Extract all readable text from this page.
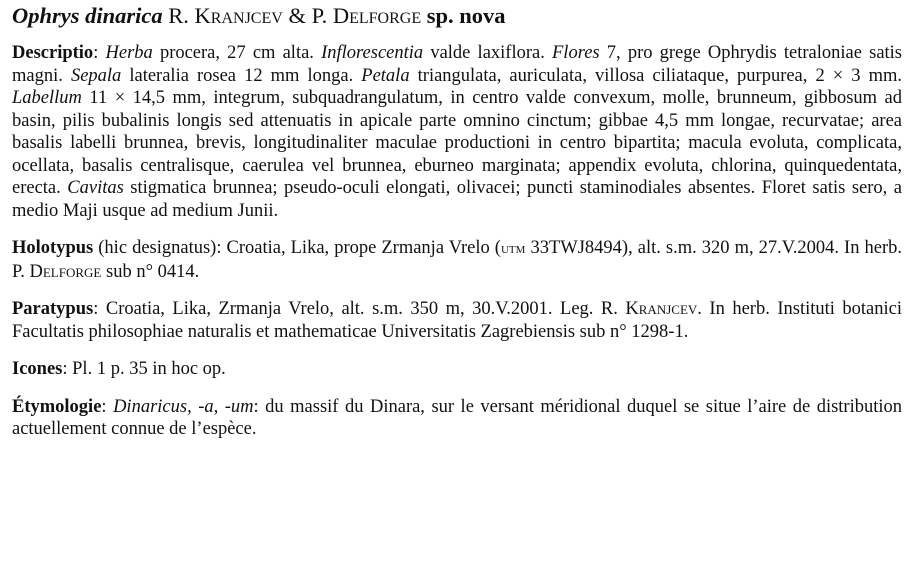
Ophrys dinarica R. Kranjcev & P. Delforge sp. nova

Descriptio: Herba procera, 27 cm alta. Inflorescentia valde laxiflora. Flores 7, pro grege Ophrydis tetraloniae satis magni. Sepala lateralia rosea 12 mm longa. Petala triangulata, auriculata, villosa ciliataque, purpurea, 2 × 3 mm. Labellum 11 × 14,5 mm, integrum, subquadrangulatum, in centro valde convexum, molle, brunneum, gibbosum ad basin, pilis bubalinis longis sed attenuatis in apicale parte omnino cinctum; gibbae 4,5 mm longae, recurvatae; area basalis labelli brunnea, brevis, longitudinaliter maculae productioni in centro bipartita; macula evoluta, complicata, ocellata, basalis centralisque, caerulea vel brunnea, eburneo marginata; appendix evoluta, chlorina, quinquedentata, erecta. Cavitas stigmatica brunnea; pseudo-oculi elongati, olivacei; puncti staminodiales absentes. Floret satis sero, a medio Maji usque ad medium Junii.

Holotypus (hic designatus): Croatia, Lika, prope Zrmanja Vrelo (utm 33TWJ8494), alt. s.m. 320 m, 27.V.2004. In herb. P. Delforge sub n° 0414.

Paratypus: Croatia, Lika, Zrmanja Vrelo, alt. s.m. 350 m, 30.V.2001. Leg. R. Kranjcev. In herb. Instituti botanici Facultatis philosophiae naturalis et mathematicae Universitatis Zagrebiensis sub n° 1298-1.

Icones: Pl. 1 p. 35 in hoc op.

Étymologie: Dinaricus, -a, -um: du massif du Dinara, sur le versant méridional duquel se situe l’aire de distribution actuellement connue de l’espèce.
